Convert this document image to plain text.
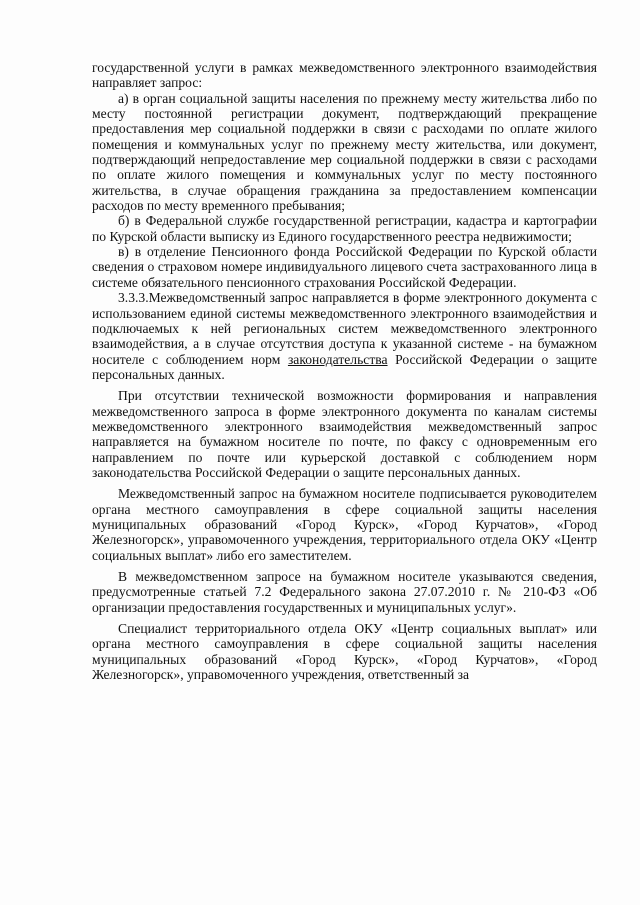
государственной услуги в рамках межведомственного электронного взаимодействия направляет запрос:

а) в орган социальной защиты населения по прежнему месту жительства либо по месту постоянной регистрации документ, подтверждающий прекращение предоставления мер социальной поддержки в связи с расходами по оплате жилого помещения и коммунальных услуг по прежнему месту жительства, или документ, подтверждающий непредоставление мер социальной поддержки в связи с расходами по оплате жилого помещения и коммунальных услуг по месту постоянного жительства, в случае обращения гражданина за предоставлением компенсации расходов по месту временного пребывания;

б) в Федеральной службе государственной регистрации, кадастра и картографии по Курской области выписку из Единого государственного реестра недвижимости;

в) в отделение Пенсионного фонда Российской Федерации по Курской области сведения о страховом номере индивидуального лицевого счета застрахованного лица в системе обязательного пенсионного страхования Российской Федерации.

3.3.3.Межведомственный запрос направляется в форме электронного документа с использованием единой системы межведомственного электронного взаимодействия и подключаемых к ней региональных систем межведомственного электронного взаимодействия, а в случае отсутствия доступа к указанной системе - на бумажном носителе с соблюдением норм законодательства Российской Федерации о защите персональных данных.

При отсутствии технической возможности формирования и направления межведомственного запроса в форме электронного документа по каналам системы межведомственного электронного взаимодействия межведомственный запрос направляется на бумажном носителе по почте, по факсу с одновременным его направлением по почте или курьерской доставкой с соблюдением норм законодательства Российской Федерации о защите персональных данных.

Межведомственный запрос на бумажном носителе подписывается руководителем органа местного самоуправления в сфере социальной защиты населения муниципальных образований «Город Курск», «Город Курчатов», «Город Железногорск», управомоченного учреждения, территориального отдела ОКУ «Центр социальных выплат» либо его заместителем.

В межведомственном запросе на бумажном носителе указываются сведения, предусмотренные статьей 7.2 Федерального закона 27.07.2010 г. № 210-ФЗ «Об организации предоставления государственных и муниципальных услуг».

Специалист территориального отдела ОКУ «Центр социальных выплат» или органа местного самоуправления в сфере социальной защиты населения муниципальных образований «Город Курск», «Город Курчатов», «Город Железногорск», управомоченного учреждения, ответственный за
